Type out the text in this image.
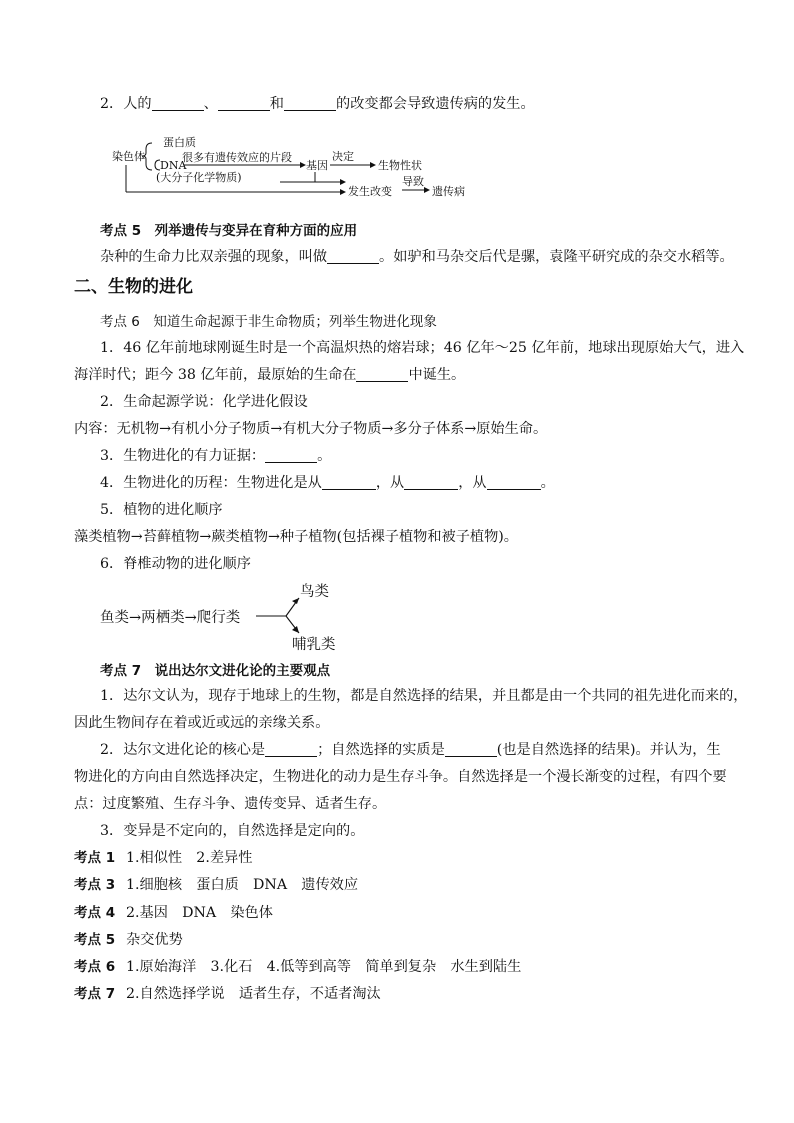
2．人的	、	和	的改变都会导致遗传病的发生。
染色体
蛋白质
DNA
很多有遗传效应的片段
(大分子化学物质)
基因
决定
生物性状
发生改变
导致
遗传病
考点 5　列举遗传与变异在育种方面的应用
杂种的生命力比双亲强的现象，叫做	。如驴和马杂交后代是骡，袁隆平研究成的杂交水稻等。
二、生物的进化
考点 6　知道生命起源于非生命物质；列举生物进化现象
1．46 亿年前地球刚诞生时是一个高温炽热的熔岩球；46 亿年～25 亿年前，地球出现原始大气，进入
海洋时代；距今 38 亿年前，最原始的生命在	中诞生。
2．生命起源学说：化学进化假设
内容：无机物→有机小分子物质→有机大分子物质→多分子体系→原始生命。
3．生物进化的有力证据：	。
4．生物进化的历程：生物进化是从	，从	，从	。
5．植物的进化顺序
藻类植物→苔藓植物→蕨类植物→种子植物(包括裸子植物和被子植物)。
6．脊椎动物的进化顺序
鱼类→两栖类→爬行类
鸟类
哺乳类
考点 7　说出达尔文进化论的主要观点
1．达尔文认为，现存于地球上的生物，都是自然选择的结果，并且都是由一个共同的祖先进化而来的，
因此生物间存在着或近或远的亲缘关系。
2．达尔文进化论的核心是	；自然选择的实质是	(也是自然选择的结果)。并认为，生
物进化的方向由自然选择决定，生物进化的动力是生存斗争。自然选择是一个漫长渐变的过程，有四个要
点：过度繁殖、生存斗争、遗传变异、适者生存。
3．变异是不定向的，自然选择是定向的。
考点 1 1.相似性　2.差异性
考点 3 1.细胞核　蛋白质　DNA　遗传效应
考点 4 2.基因　DNA　染色体
考点 5 杂交优势
考点 6 1.原始海洋　3.化石　4.低等到高等　简单到复杂　水生到陆生
考点 7 2.自然选择学说　适者生存，不适者淘汰
